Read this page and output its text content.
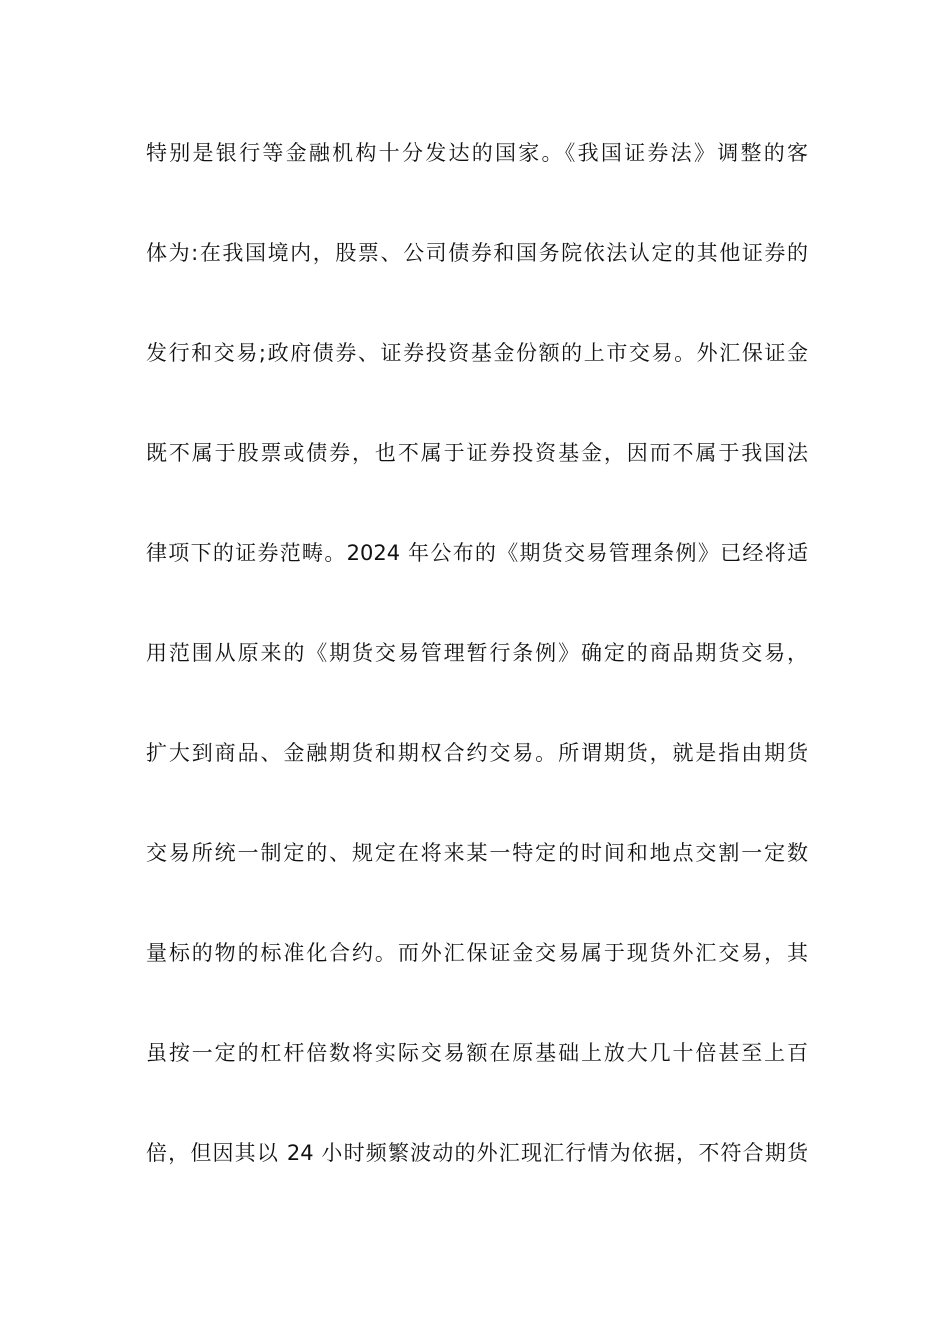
特别是银行等金融机构十分发达的国家。《我国证券法》调整的客
体为:在我国境内，股票、公司债券和国务院依法认定的其他证券的
发行和交易;政府债券、证券投资基金份额的上市交易。外汇保证金
既不属于股票或债券，也不属于证券投资基金，因而不属于我国法
律项下的证券范畴。2024 年公布的《期货交易管理条例》已经将适
用范围从原来的《期货交易管理暂行条例》确定的商品期货交易，
扩大到商品、金融期货和期权合约交易。所谓期货，就是指由期货
交易所统一制定的、规定在将来某一特定的时间和地点交割一定数
量标的物的标准化合约。而外汇保证金交易属于现货外汇交易，其
虽按一定的杠杆倍数将实际交易额在原基础上放大几十倍甚至上百
倍，但因其以 24 小时频繁波动的外汇现汇行情为依据，不符合期货
